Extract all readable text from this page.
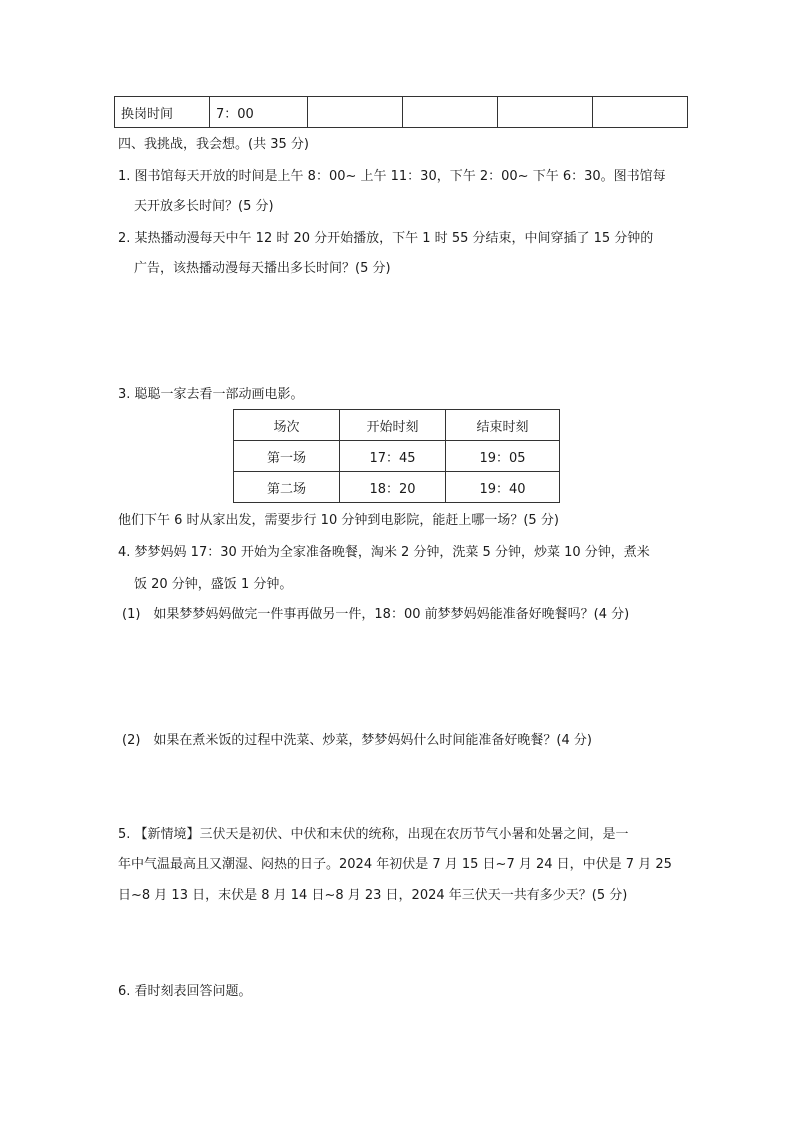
换岗时间	7：00				
四、我挑战，我会想。(共 35 分)
1. 图书馆每天开放的时间是上午 8：00~ 上午 11：30，下午 2：00~ 下午 6：30。图书馆每
天开放多长时间？(5 分)
2. 某热播动漫每天中午 12 时 20 分开始播放，下午 1 时 55 分结束，中间穿插了 15 分钟的
广告，该热播动漫每天播出多长时间？(5 分)
3. 聪聪一家去看一部动画电影。
场次	开始时刻	结束时刻
第一场	17：45	19：05
第二场	18：20	19：40
他们下午 6 时从家出发，需要步行 10 分钟到电影院，能赶上哪一场？(5 分)
4. 梦梦妈妈 17：30 开始为全家准备晚餐，淘米 2 分钟，洗菜 5 分钟，炒菜 10 分钟，煮米
饭 20 分钟，盛饭 1 分钟。
(1)　如果梦梦妈妈做完一件事再做另一件，18：00 前梦梦妈妈能准备好晚餐吗？(4 分)
(2)　如果在煮米饭的过程中洗菜、炒菜，梦梦妈妈什么时间能准备好晚餐？(4 分)
5. 【新情境】三伏天是初伏、中伏和末伏的统称，出现在农历节气小暑和处暑之间，是一
年中气温最高且又潮湿、闷热的日子。2024 年初伏是 7 月 15 日~7 月 24 日，中伏是 7 月 25
日~8 月 13 日，末伏是 8 月 14 日~8 月 23 日，2024 年三伏天一共有多少天？(5 分)
6. 看时刻表回答问题。
